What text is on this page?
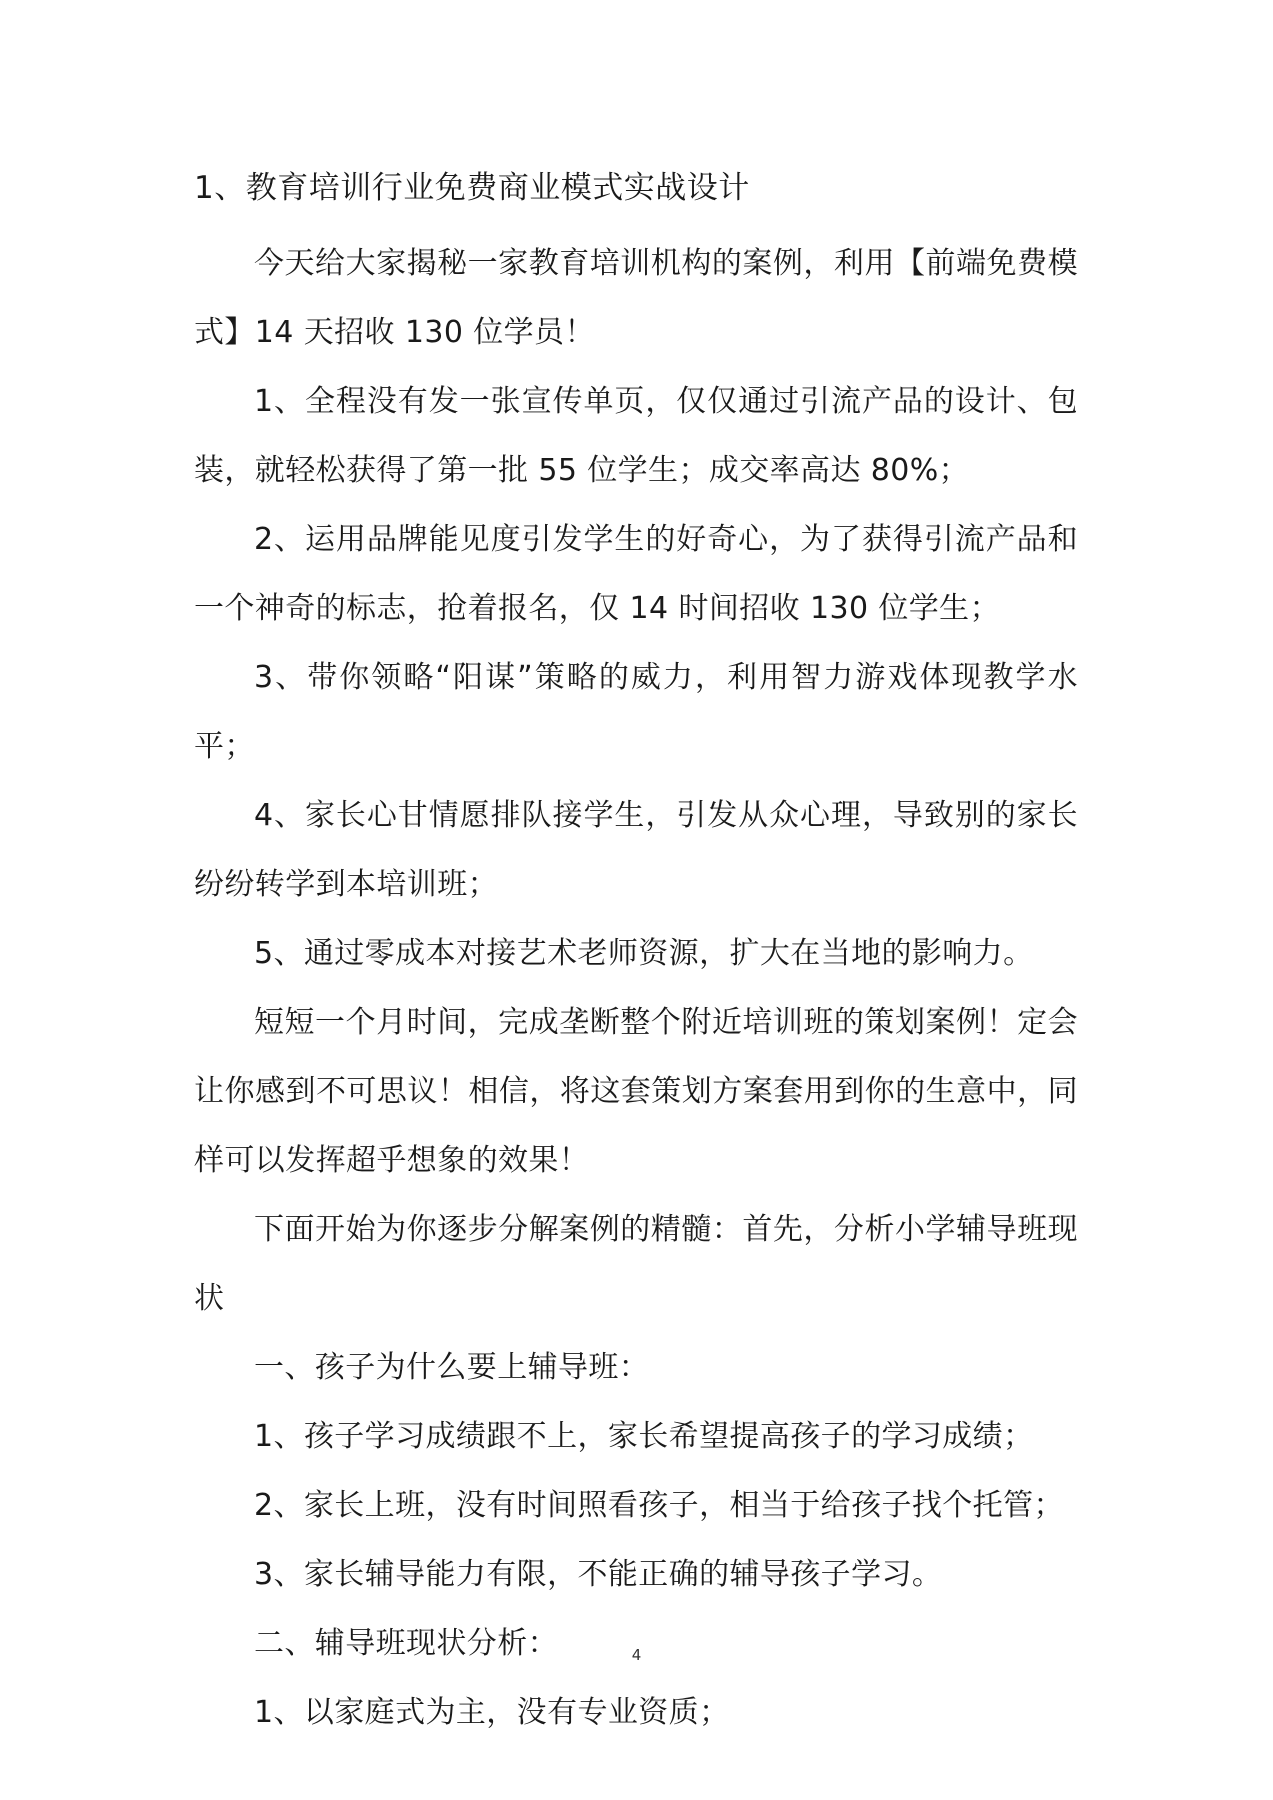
1、教育培训行业免费商业模式实战设计

今天给大家揭秘一家教育培训机构的案例，利用【前端免费模式】14 天招收 130 位学员！

1、全程没有发一张宣传单页，仅仅通过引流产品的设计、包装，就轻松获得了第一批 55 位学生；成交率高达 80%；

2、运用品牌能见度引发学生的好奇心，为了获得引流产品和一个神奇的标志，抢着报名，仅 14 时间招收 130 位学生；

3、带你领略“阳谋”策略的威力，利用智力游戏体现教学水平；

4、家长心甘情愿排队接学生，引发从众心理，导致别的家长纷纷转学到本培训班；

5、通过零成本对接艺术老师资源，扩大在当地的影响力。

短短一个月时间，完成垄断整个附近培训班的策划案例！定会让你感到不可思议！相信，将这套策划方案套用到你的生意中，同样可以发挥超乎想象的效果！

下面开始为你逐步分解案例的精髓：首先，分析小学辅导班现状

一、孩子为什么要上辅导班：

1、孩子学习成绩跟不上，家长希望提高孩子的学习成绩；

2、家长上班，没有时间照看孩子，相当于给孩子找个托管；

3、家长辅导能力有限，不能正确的辅导孩子学习。

二、辅导班现状分析：

1、以家庭式为主，没有专业资质；

4
